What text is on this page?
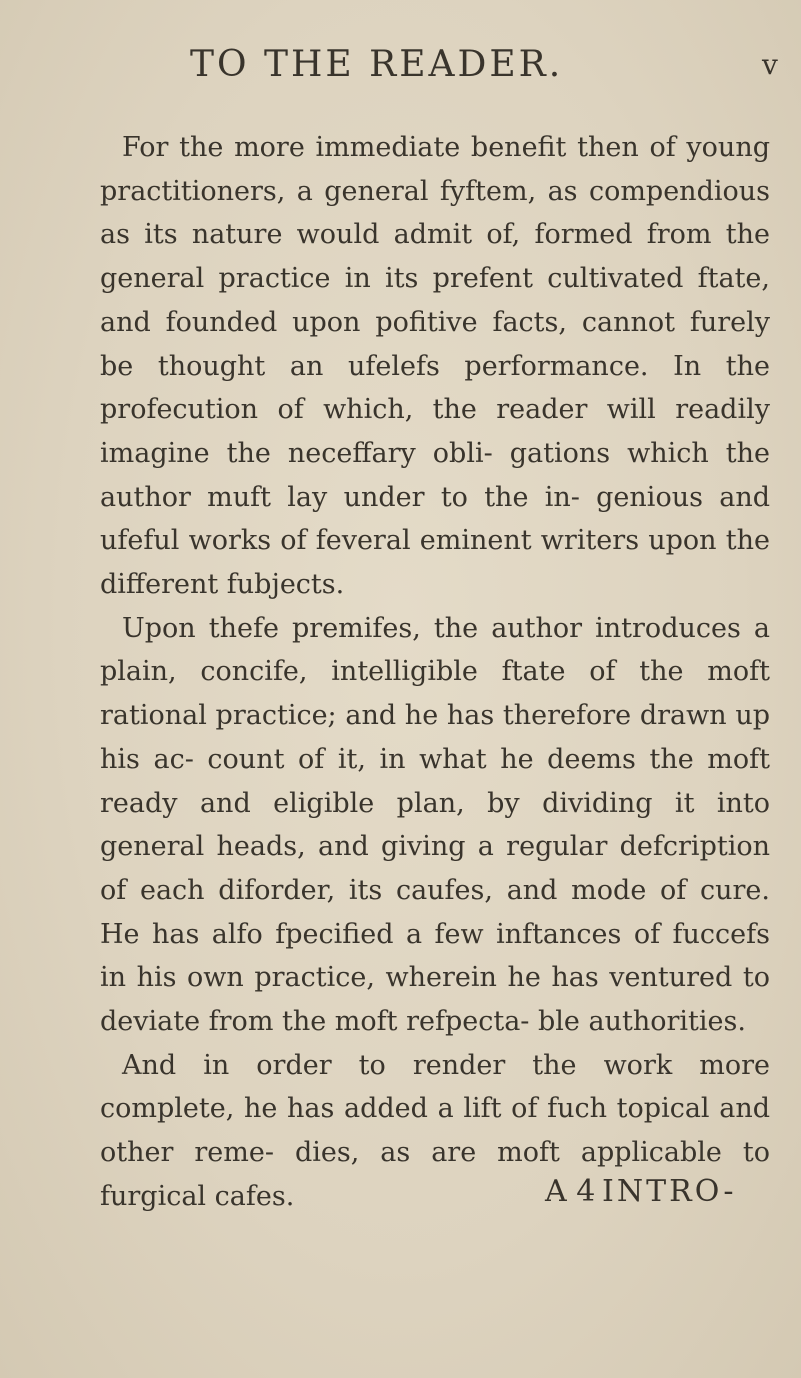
TO THE READER.	v

For the more immediate benefit then of young practitioners, a general fyftem, as compendious as its nature would admit of, formed from the general practice in its prefent cultivated ftate, and founded upon pofitive facts, cannot furely be thought an ufelefs performance. In the profecution of which, the reader will readily imagine the neceffary obli- gations which the author muft lay under to the in- genious and ufeful works of feveral eminent writers upon the different fubjects.

Upon thefe premifes, the author introduces a plain, concife, intelligible ftate of the moft rational practice; and he has therefore drawn up his ac- count of it, in what he deems the moft ready and eligible plan, by dividing it into general heads, and giving a regular defcription of each diforder, its caufes, and mode of cure. He has alfo fpecified a few inftances of fuccefs in his own practice, wherein he has ventured to deviate from the moft refpecta- ble authorities.

And in order to render the work more complete, he has added a lift of fuch topical and other reme- dies, as are moft applicable to furgical cafes.	A 4 INTRO-
